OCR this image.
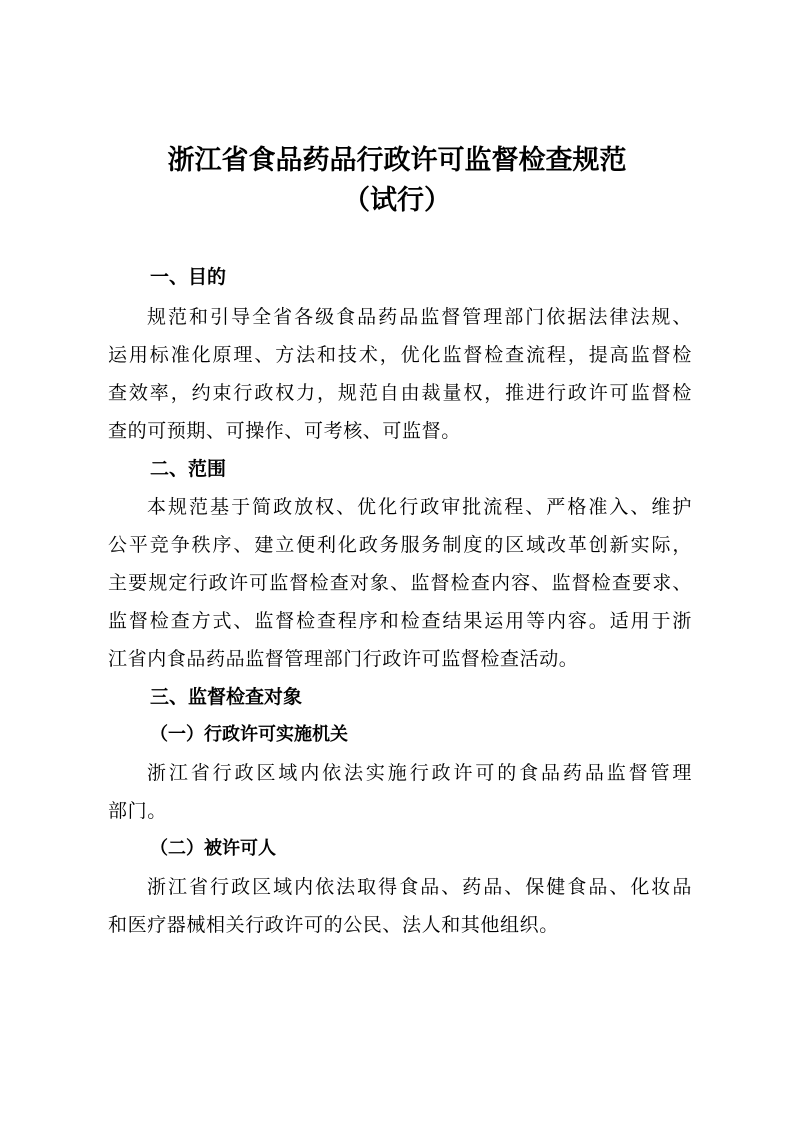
浙江省食品药品行政许可监督检查规范
（试行）
一、目的
规范和引导全省各级食品药品监督管理部门依据法律法规、
运用标准化原理、方法和技术，优化监督检查流程，提高监督检
查效率，约束行政权力，规范自由裁量权，推进行政许可监督检
查的可预期、可操作、可考核、可监督。
二、范围
本规范基于简政放权、优化行政审批流程、严格准入、维护
公平竞争秩序、建立便利化政务服务制度的区域改革创新实际，
主要规定行政许可监督检查对象、监督检查内容、监督检查要求、
监督检查方式、监督检查程序和检查结果运用等内容。适用于浙
江省内食品药品监督管理部门行政许可监督检查活动。
三、监督检查对象
（一）行政许可实施机关
浙江省行政区域内依法实施行政许可的食品药品监督管理
部门。
（二）被许可人
浙江省行政区域内依法取得食品、药品、保健食品、化妆品
和医疗器械相关行政许可的公民、法人和其他组织。
